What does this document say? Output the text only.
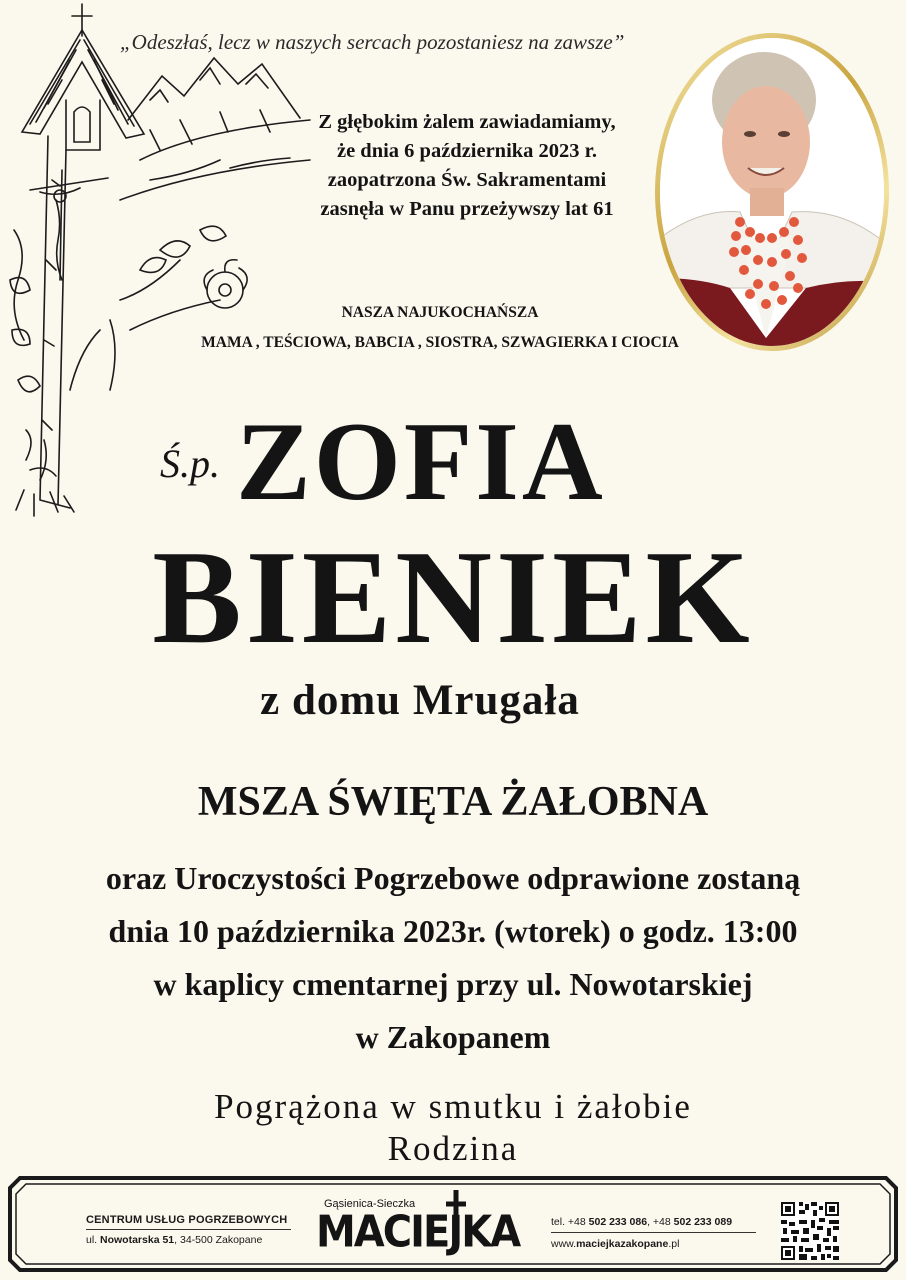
„Odeszłaś, lecz w naszych sercach pozostaniesz na zawsze”
Z głębokim żalem zawiadamiamy,
że dnia 6 października 2023 r.
zaopatrzona Św. Sakramentami
zasnęła w Panu przeżywszy lat 61
NASZA NAJUKOCHAŃSZA
MAMA , TEŚCIOWA, BABCIA , SIOSTRA, SZWAGIERKA I CIOCIA
Ś.p. ZOFIA
BIENIEK
z domu Mrugała
MSZA ŚWIĘTA ŻAŁOBNA
oraz Uroczystości Pogrzebowe odprawione zostaną
dnia 10 października 2023r. (wtorek) o godz. 13:00
w kaplicy cmentarnej przy ul. Nowotarskiej
w Zakopanem
Pogrążona w smutku i żałobie
Rodzina
CENTRUM USŁUG POGRZEBOWYCH
ul. Nowotarska 51, 34-500 Zakopane
Gąsienica-Sieczka
MACIEJKA	tel. +48 502 233 086, +48 502 233 089
www.maciejkazakopane.pl
